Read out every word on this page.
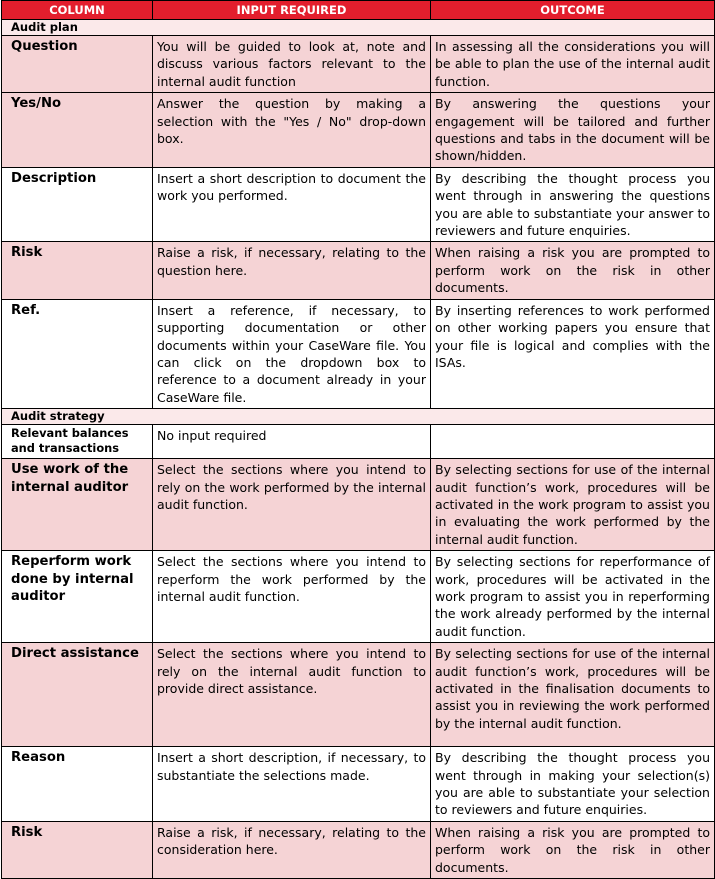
COLUMN	INPUT REQUIRED	OUTCOME
Audit plan		
Question	You will be guided to look at, note and discuss various factors relevant to the internal audit function	In assessing all the considerations you will be able to plan the use of the internal audit function.
Yes/No	Answer the question by making a selection with the "Yes / No" drop-down box.	By answering the questions your engagement will be tailored and further questions and tabs in the document will be shown/hidden.
Description	Insert a short description to document the work you performed.	By describing the thought process you went through in answering the questions you are able to substantiate your answer to reviewers and future enquiries.
Risk	Raise a risk, if necessary, relating to the question here.	When raising a risk you are prompted to perform work on the risk in other documents.
Ref.	Insert a reference, if necessary, to supporting documentation or other documents within your CaseWare file. You can click on the dropdown box to reference to a document already in your CaseWare file.	By inserting references to work performed on other working papers you ensure that your file is logical and complies with the ISAs.
Audit strategy		
Relevant balances and transactions	No input required	
Use work of the internal auditor	Select the sections where you intend to rely on the work performed by the internal audit function.	By selecting sections for use of the internal audit function’s work, procedures will be activated in the work program to assist you in evaluating the work performed by the internal audit function.
Reperform work done by internal auditor	Select the sections where you intend to reperform the work performed by the internal audit function.	By selecting sections for reperformance of work, procedures will be activated in the work program to assist you in reperforming the work already performed by the internal audit function.
Direct assistance	Select the sections where you intend to rely on the internal audit function to provide direct assistance.	By selecting sections for use of the internal audit function’s work, procedures will be activated in the finalisation documents to assist you in reviewing the work performed by the internal audit function.
Reason	Insert a short description, if necessary, to substantiate the selections made.	By describing the thought process you went through in making your selection(s) you are able to substantiate your selection to reviewers and future enquiries.
Risk	Raise a risk, if necessary, relating to the consideration here.	When raising a risk you are prompted to perform work on the risk in other documents.
